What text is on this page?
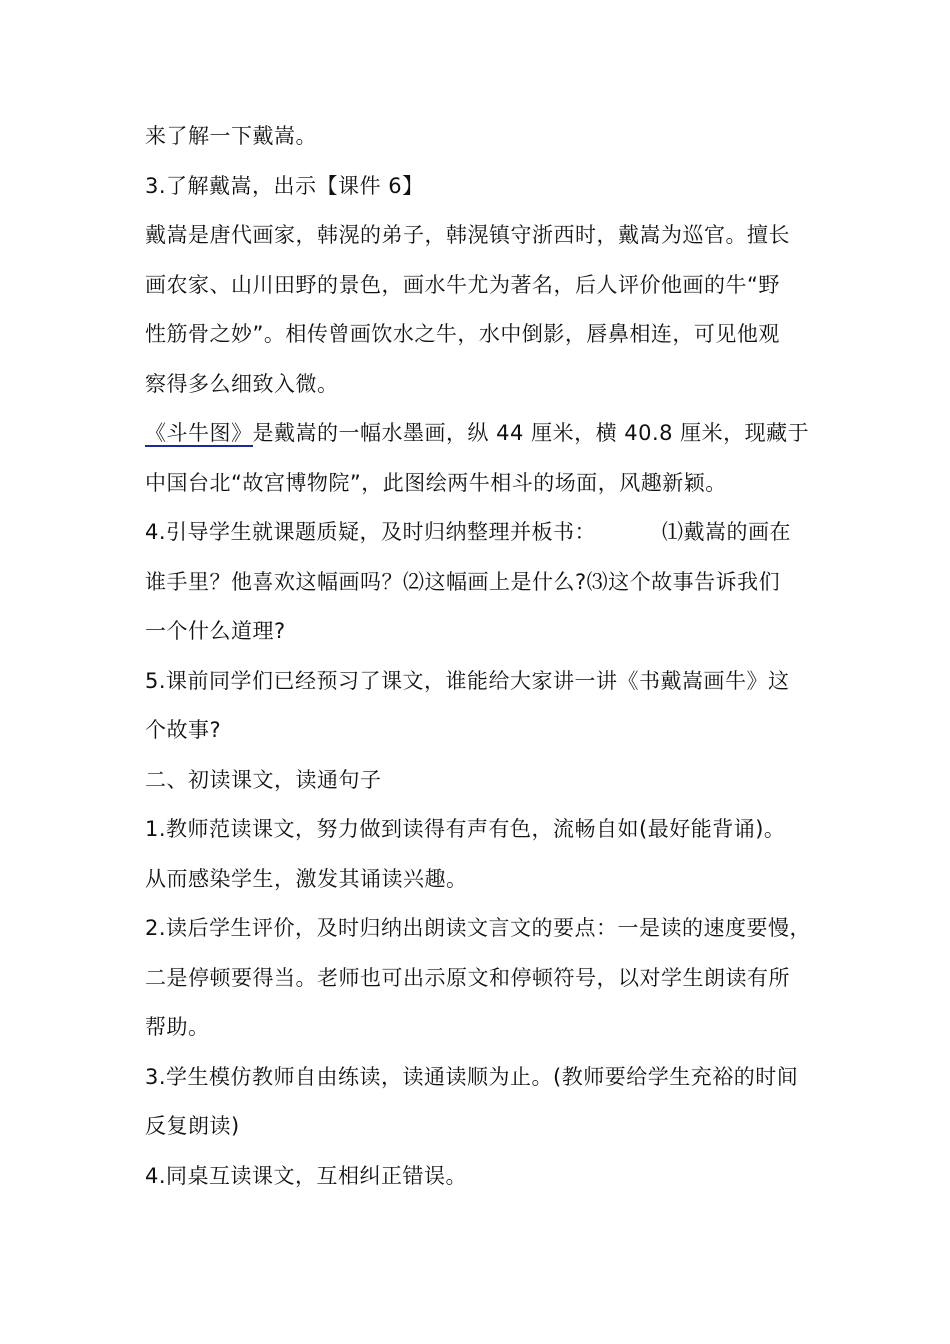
来了解一下戴嵩。
3.了解戴嵩，出示【课件 6】
戴嵩是唐代画家，韩滉的弟子，韩滉镇守浙西时，戴嵩为巡官。擅长
画农家、山川田野的景色，画水牛尤为著名，后人评价他画的牛“野
性筋骨之妙”。相传曾画饮水之牛，水中倒影，唇鼻相连，可见他观
察得多么细致入微。
《斗牛图》是戴嵩的一幅水墨画，纵 44 厘米，横 40.8 厘米，现藏于
中国台北“故宫博物院”，此图绘两牛相斗的场面，风趣新颖。
4.引导学生就课题质疑，及时归纳整理并板书：	⑴戴嵩的画在
谁手里？他喜欢这幅画吗？⑵这幅画上是什么?⑶这个故事告诉我们
一个什么道理?
5.课前同学们已经预习了课文，谁能给大家讲一讲《书戴嵩画牛》这
个故事?
二、初读课文，读通句子
1.教师范读课文，努力做到读得有声有色，流畅自如(最好能背诵)。
从而感染学生，激发其诵读兴趣。
2.读后学生评价，及时归纳出朗读文言文的要点：一是读的速度要慢，
二是停顿要得当。老师也可出示原文和停顿符号，以对学生朗读有所
帮助。
3.学生模仿教师自由练读，读通读顺为止。(教师要给学生充裕的时间
反复朗读)
4.同桌互读课文，互相纠正错误。
